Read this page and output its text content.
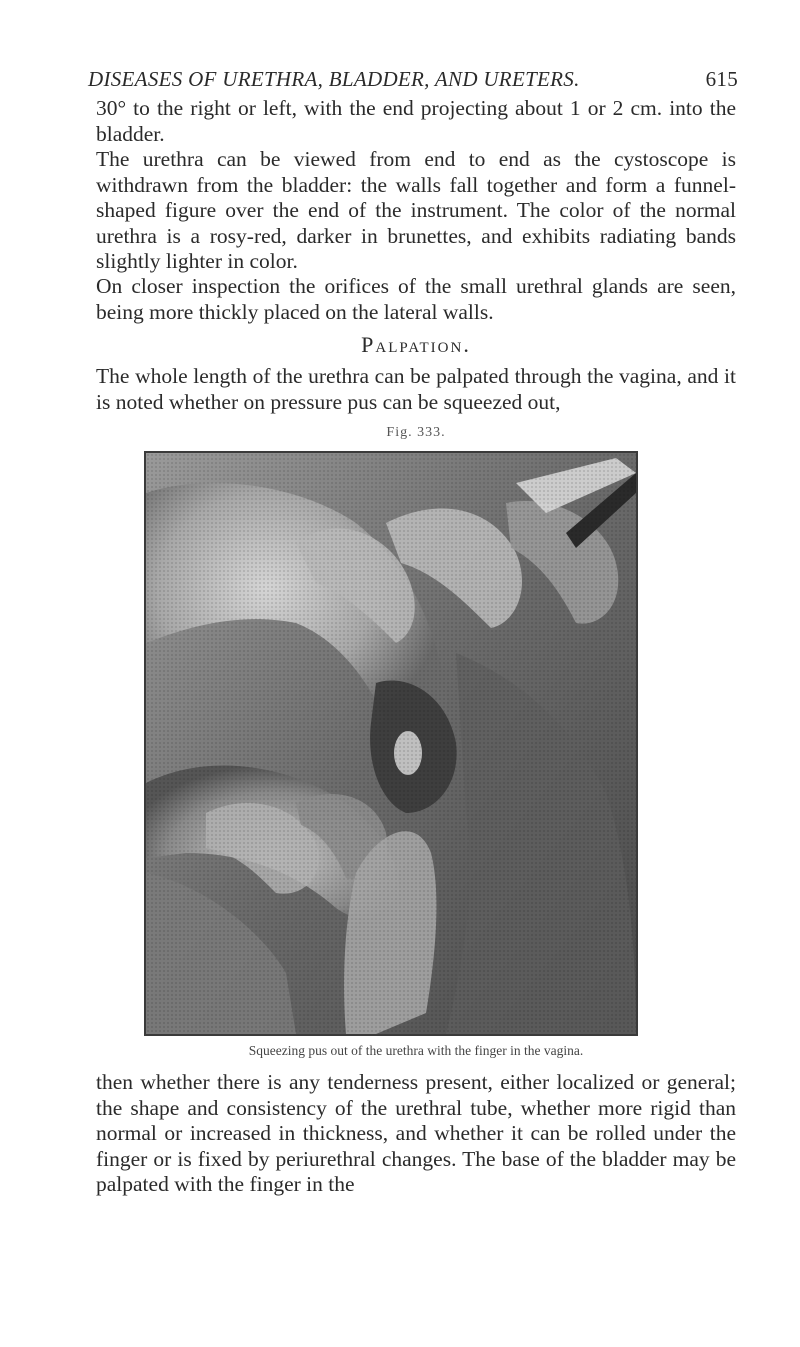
DISEASES OF URETHRA, BLADDER, AND URETERS.	615

30° to the right or left, with the end projecting about 1 or 2 cm. into the bladder.

The urethra can be viewed from end to end as the cystoscope is withdrawn from the bladder: the walls fall together and form a funnel-shaped figure over the end of the instrument. The color of the normal urethra is a rosy-red, darker in brunettes, and exhibits radiating bands slightly lighter in color.

On closer inspection the orifices of the small urethral glands are seen, being more thickly placed on the lateral walls.

Palpation.

The whole length of the urethra can be palpated through the vagina, and it is noted whether on pressure pus can be squeezed out,

Fig. 333.
Squeezing pus out of the urethra with the finger in the vagina.

then whether there is any tenderness present, either localized or general; the shape and consistency of the urethral tube, whether more rigid than normal or increased in thickness, and whether it can be rolled under the finger or is fixed by periurethral changes. The base of the bladder may be palpated with the finger in the
